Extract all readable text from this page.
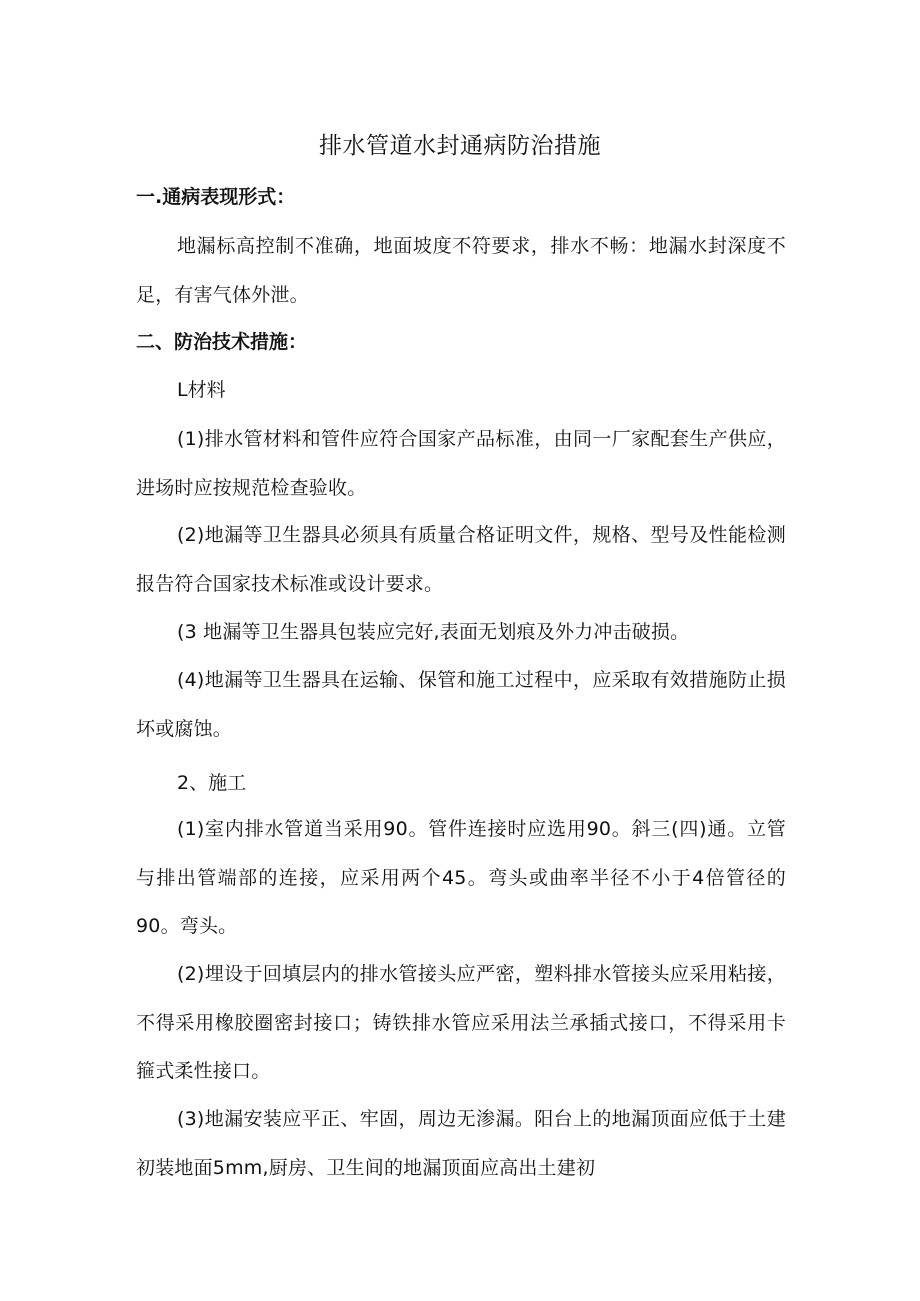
排水管道水封通病防治措施
一.通病表现形式：
地漏标高控制不准确，地面坡度不符要求，排水不畅：地漏水封深度不足，有害气体外泄。
二、防治技术措施：
L材料
(1)排水管材料和管件应符合国家产品标准，由同一厂家配套生产供应，进场时应按规范检查验收。
(2)地漏等卫生器具必须具有质量合格证明文件，规格、型号及性能检测报告符合国家技术标准或设计要求。
(3 地漏等卫生器具包装应完好,表面无划痕及外力冲击破损。
(4)地漏等卫生器具在运输、保管和施工过程中，应采取有效措施防止损坏或腐蚀。
2、施工
(1)室内排水管道当采用90。管件连接时应选用90。斜三(四)通。立管与排出管端部的连接，应采用两个45。弯头或曲率半径不小于4倍管径的90。弯头。
(2)埋设于回填层内的排水管接头应严密，塑料排水管接头应采用粘接，不得采用橡胶圈密封接口；铸铁排水管应采用法兰承插式接口，不得采用卡箍式柔性接口。
(3)地漏安装应平正、牢固，周边无渗漏。阳台上的地漏顶面应低于土建初装地面5mm,厨房、卫生间的地漏顶面应高出土建初
